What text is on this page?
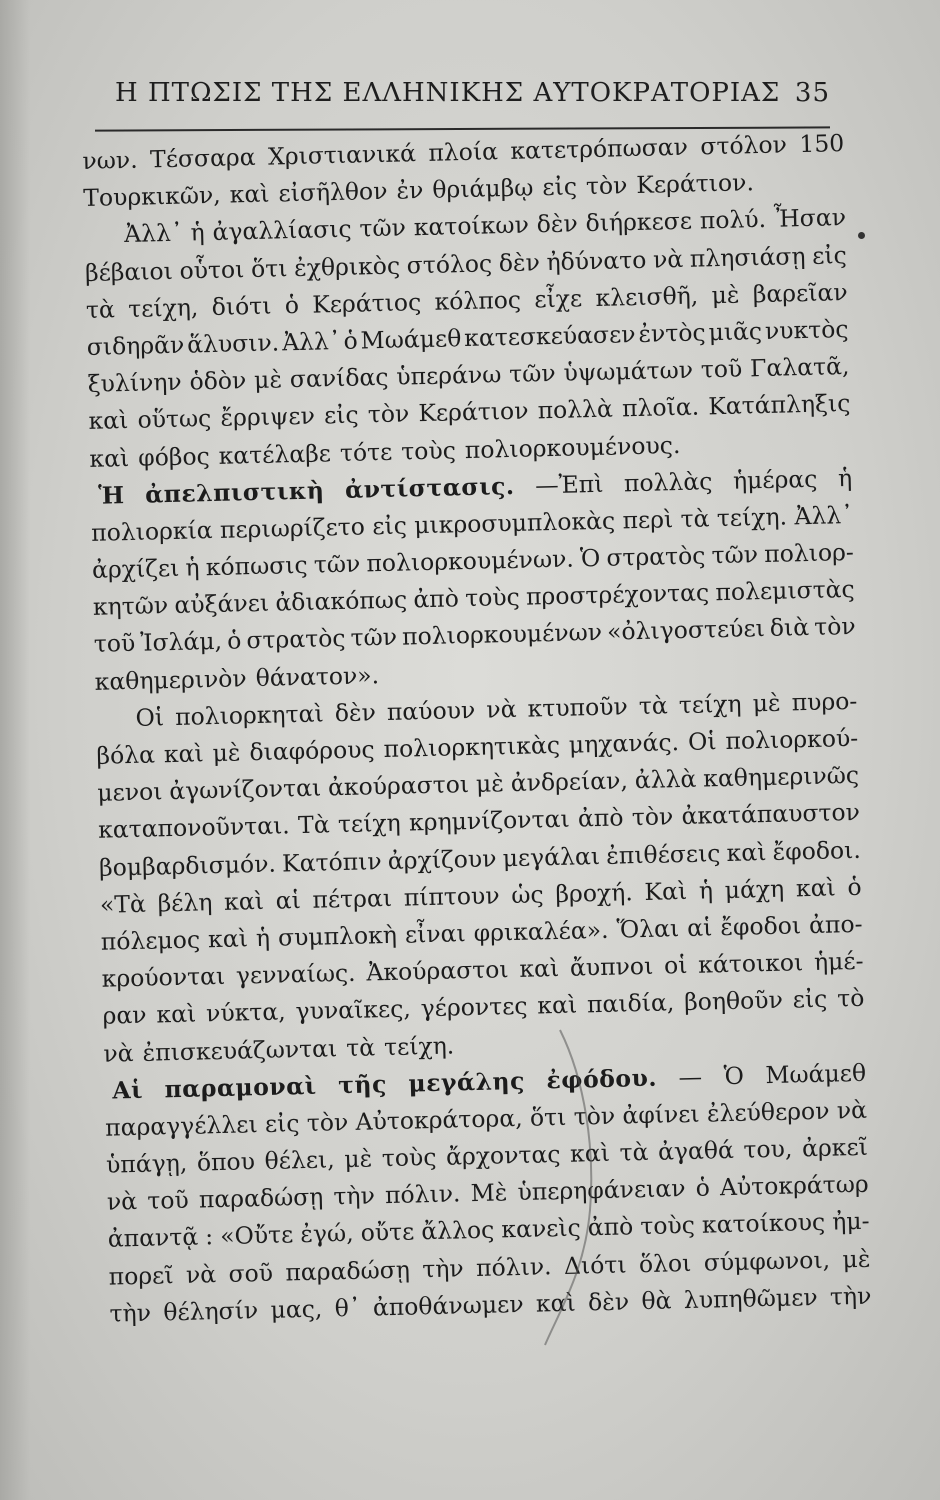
Η ΠΤΩΣΙΣ ΤΗΣ ΕΛΛΗΝΙΚΗΣ ΑΥΤΟΚΡΑΤΟΡΙΑΣ 35
νων. Τέσσαρα Χριστιανικά πλοία κατετρόπωσαν στόλον 150
Τουρκικῶν, καὶ εἰσῆλθον ἐν θριάμβῳ εἰς τὸν Κεράτιον.
Ἀλλ᾿ ἡ ἀγαλλίασις τῶν κατοίκων δὲν διήρκεσε πολύ. Ἦσαν
βέβαιοι οὗτοι ὅτι ἐχθρικὸς στόλος δὲν ἠδύνατο νὰ πλησιάσῃ εἰς
τὰ τείχη, διότι ὁ Κεράτιος κόλπος εἶχε κλεισθῆ, μὲ βαρεῖαν
σιδηρᾶν ἅλυσιν. Ἀλλ᾿ ὁ Μωάμεθ κατεσκεύασεν ἐντὸς μιᾶς νυκτὸς
ξυλίνην ὁδὸν μὲ σανίδας ὑπεράνω τῶν ὑψωμάτων τοῦ Γαλατᾶ,
καὶ οὕτως ἔρριψεν εἰς τὸν Κεράτιον πολλὰ πλοῖα. Κατάπληξις
καὶ φόβος κατέλαβε τότε τοὺς πολιορκουμένους.
Ἡ ἀπελπιστικὴ ἀντίστασις. —Ἐπὶ πολλὰς ἡμέρας ἡ
πολιορκία περιωρίζετο εἰς μικροσυμπλοκὰς περὶ τὰ τείχη. Ἀλλ᾿
ἀρχίζει ἡ κόπωσις τῶν πολιορκουμένων. Ὁ στρατὸς τῶν πολιορ-
κητῶν αὐξάνει ἀδιακόπως ἀπὸ τοὺς προστρέχοντας πολεμιστὰς
τοῦ Ἰσλάμ, ὁ στρατὸς τῶν πολιορκουμένων «ὀλιγοστεύει διὰ τὸν
καθημερινὸν θάνατον».
Οἱ πολιορκηταὶ δὲν παύουν νὰ κτυποῦν τὰ τείχη μὲ πυρο-
βόλα καὶ μὲ διαφόρους πολιορκητικὰς μηχανάς. Οἱ πολιορκού-
μενοι ἀγωνίζονται ἀκούραστοι μὲ ἀνδρείαν, ἀλλὰ καθημερινῶς
καταπονοῦνται. Τὰ τείχη κρημνίζονται ἀπὸ τὸν ἀκατάπαυστον
βομβαρδισμόν. Κατόπιν ἀρχίζουν μεγάλαι ἐπιθέσεις καὶ ἔφοδοι.
«Τὰ βέλη καὶ αἱ πέτραι πίπτουν ὡς βροχή. Καὶ ἡ μάχη καὶ ὁ
πόλεμος καὶ ἡ συμπλοκὴ εἶναι φρικαλέα». Ὅλαι αἱ ἔφοδοι ἀπο-
κρούονται γενναίως. Ἀκούραστοι καὶ ἄυπνοι οἱ κάτοικοι ἡμέ-
ραν καὶ νύκτα, γυναῖκες, γέροντες καὶ παιδία, βοηθοῦν εἰς τὸ
νὰ ἐπισκευάζωνται τὰ τείχη.
Αἱ παραμοναὶ τῆς μεγάλης ἐφόδου. — Ὁ Μωάμεθ
παραγγέλλει εἰς τὸν Αὐτοκράτορα, ὅτι τὸν ἀφίνει ἐλεύθερον νὰ
ὑπάγῃ, ὅπου θέλει, μὲ τοὺς ἄρχοντας καὶ τὰ ἀγαθά του, ἀρκεῖ
νὰ τοῦ παραδώσῃ τὴν πόλιν. Μὲ ὑπερηφάνειαν ὁ Αὐτοκράτωρ
ἀπαντᾷ : «Οὔτε ἐγώ, οὔτε ἄλλος κανεὶς ἀπὸ τοὺς κατοίκους ἠμ-
πορεῖ νὰ σοῦ παραδώσῃ τὴν πόλιν. Διότι ὅλοι σύμφωνοι, μὲ
τὴν θέλησίν μας, θ᾿ ἀποθάνωμεν καὶ δὲν θὰ λυπηθῶμεν τὴν
